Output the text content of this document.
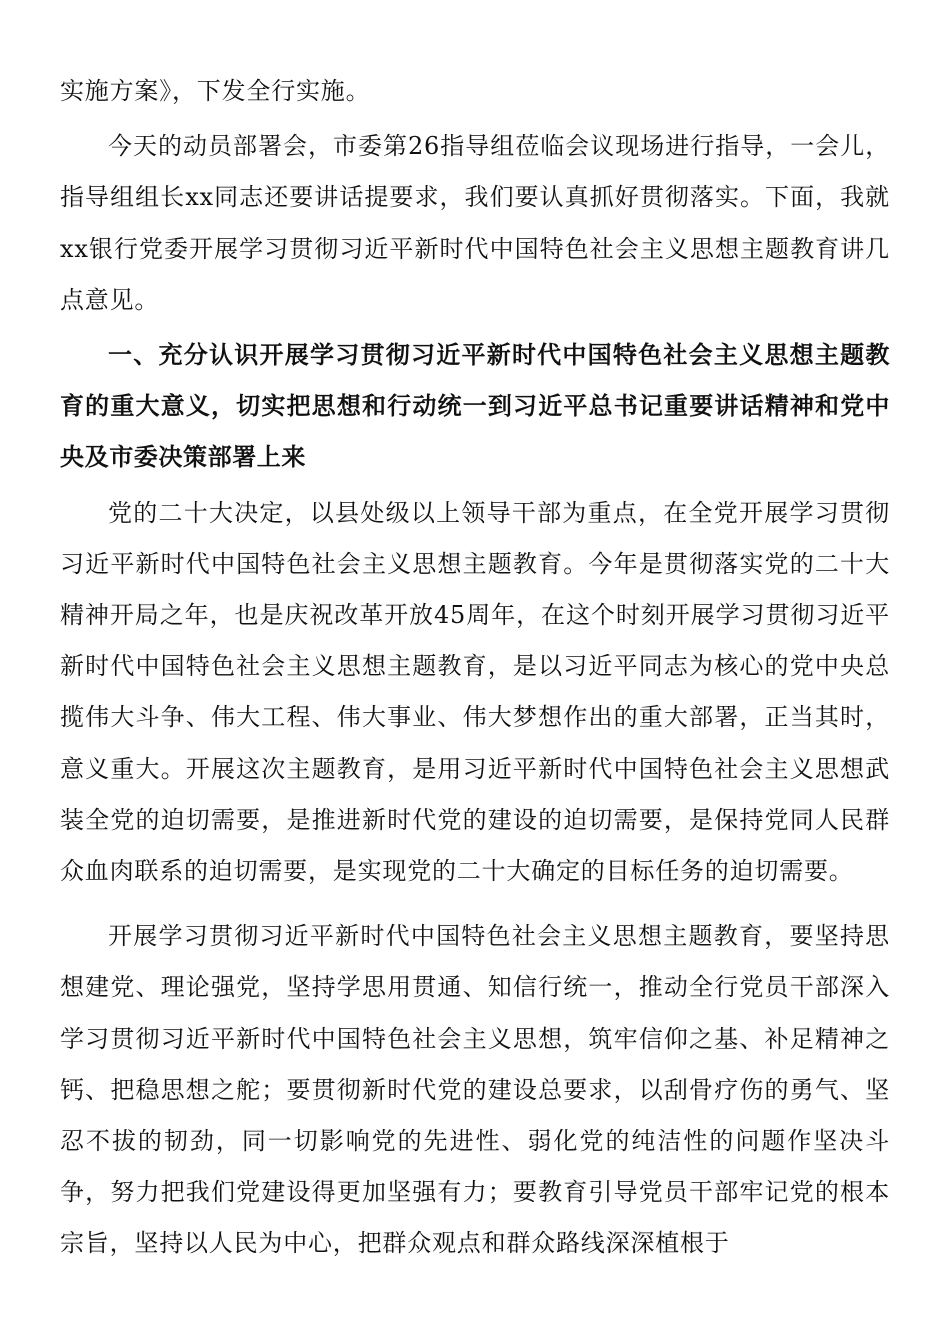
实施方案》，下发全行实施。

今天的动员部署会，市委第26指导组莅临会议现场进行指导，一会儿，指导组组长xx同志还要讲话提要求，我们要认真抓好贯彻落实。下面，我就xx银行党委开展学习贯彻习近平新时代中国特色社会主义思想主题教育讲几点意见。

一、充分认识开展学习贯彻习近平新时代中国特色社会主义思想主题教育的重大意义，切实把思想和行动统一到习近平总书记重要讲话精神和党中央及市委决策部署上来

党的二十大决定，以县处级以上领导干部为重点，在全党开展学习贯彻习近平新时代中国特色社会主义思想主题教育。今年是贯彻落实党的二十大精神开局之年，也是庆祝改革开放45周年，在这个时刻开展学习贯彻习近平新时代中国特色社会主义思想主题教育，是以习近平同志为核心的党中央总揽伟大斗争、伟大工程、伟大事业、伟大梦想作出的重大部署，正当其时，意义重大。开展这次主题教育，是用习近平新时代中国特色社会主义思想武装全党的迫切需要，是推进新时代党的建设的迫切需要，是保持党同人民群众血肉联系的迫切需要，是实现党的二十大确定的目标任务的迫切需要。

开展学习贯彻习近平新时代中国特色社会主义思想主题教育，要坚持思想建党、理论强党，坚持学思用贯通、知信行统一，推动全行党员干部深入学习贯彻习近平新时代中国特色社会主义思想，筑牢信仰之基、补足精神之钙、把稳思想之舵；要贯彻新时代党的建设总要求，以刮骨疗伤的勇气、坚忍不拔的韧劲，同一切影响党的先进性、弱化党的纯洁性的问题作坚决斗争，努力把我们党建设得更加坚强有力；要教育引导党员干部牢记党的根本宗旨，坚持以人民为中心，把群众观点和群众路线深深植根于
